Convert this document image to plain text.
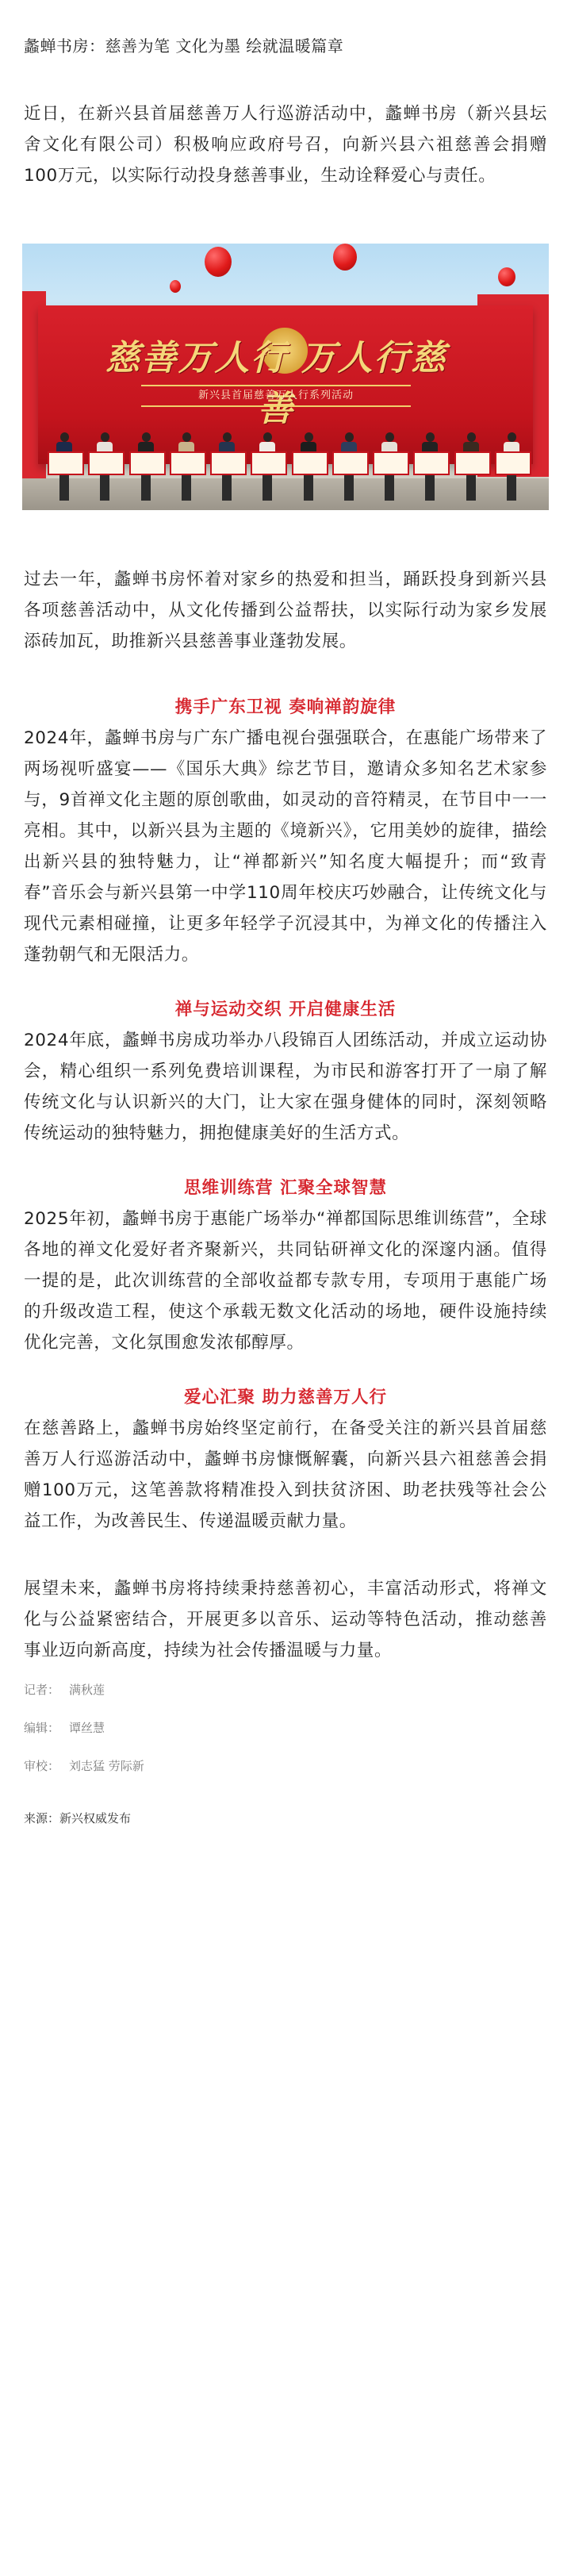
蠡蝉书房：慈善为笔 文化为墨 绘就温暖篇章

近日，在新兴县首届慈善万人行巡游活动中，蠡蝉书房（新兴县坛舍文化有限公司）积极响应政府号召，向新兴县六祖慈善会捐赠100万元，以实际行动投身慈善事业，生动诠释爱心与责任。

慈善万人行 万人行慈善
新兴县首届慈善万人行系列活动

过去一年，蠡蝉书房怀着对家乡的热爱和担当，踊跃投身到新兴县各项慈善活动中，从文化传播到公益帮扶，以实际行动为家乡发展添砖加瓦，助推新兴县慈善事业蓬勃发展。

携手广东卫视 奏响禅韵旋律

2024年，蠡蝉书房与广东广播电视台强强联合，在惠能广场带来了两场视听盛宴——《国乐大典》综艺节目，邀请众多知名艺术家参与，9首禅文化主题的原创歌曲，如灵动的音符精灵，在节目中一一亮相。其中，以新兴县为主题的《境新兴》，它用美妙的旋律，描绘出新兴县的独特魅力，让“禅都新兴”知名度大幅提升；而“致青春”音乐会与新兴县第一中学110周年校庆巧妙融合，让传统文化与现代元素相碰撞，让更多年轻学子沉浸其中，为禅文化的传播注入蓬勃朝气和无限活力。

禅与运动交织 开启健康生活

2024年底，蠡蝉书房成功举办八段锦百人团练活动，并成立运动协会，精心组织一系列免费培训课程，为市民和游客打开了一扇了解传统文化与认识新兴的大门，让大家在强身健体的同时，深刻领略传统运动的独特魅力，拥抱健康美好的生活方式。

思维训练营 汇聚全球智慧

2025年初，蠡蝉书房于惠能广场举办“禅都国际思维训练营”，全球各地的禅文化爱好者齐聚新兴，共同钻研禅文化的深邃内涵。值得一提的是，此次训练营的全部收益都专款专用，专项用于惠能广场的升级改造工程，使这个承载无数文化活动的场地，硬件设施持续优化完善，文化氛围愈发浓郁醇厚。

爱心汇聚 助力慈善万人行

在慈善路上，蠡蝉书房始终坚定前行，在备受关注的新兴县首届慈善万人行巡游活动中，蠡蝉书房慷慨解囊，向新兴县六祖慈善会捐赠100万元，这笔善款将精准投入到扶贫济困、助老扶残等社会公益工作，为改善民生、传递温暖贡献力量。

展望未来，蠡蝉书房将持续秉持慈善初心，丰富活动形式，将禅文化与公益紧密结合，开展更多以音乐、运动等特色活动，推动慈善事业迈向新高度，持续为社会传播温暖与力量。

记者： 满秋莲
编辑： 谭丝慧
审校： 刘志猛 劳际新
来源：新兴权威发布
